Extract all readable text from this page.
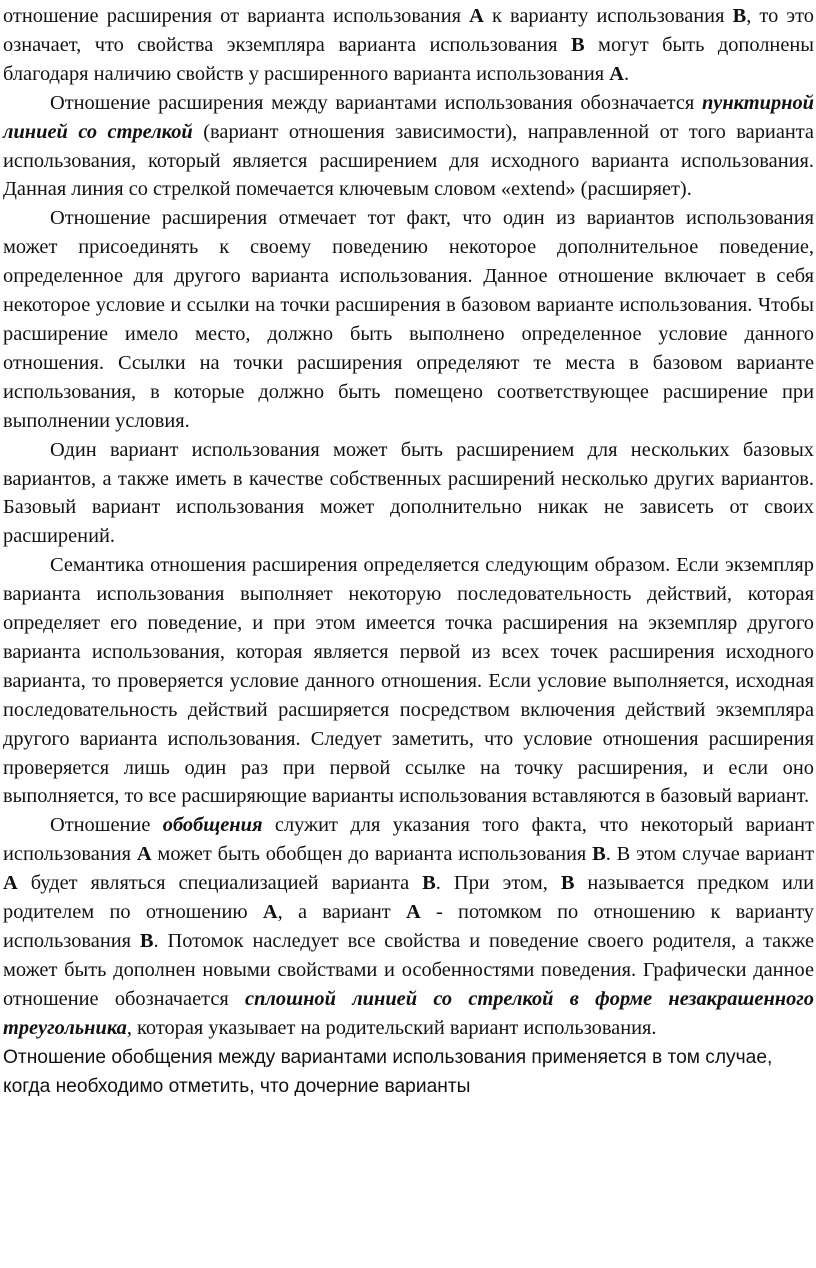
отношение расширения от варианта использования А к варианту использования В, то это означает, что свойства экземпляра варианта использования В могут быть дополнены благодаря наличию свойств у расширенного варианта использования А.

Отношение расширения между вариантами использования обозначается пунктирной линией со стрелкой (вариант отношения зависимости), направленной от того варианта использования, который является расширением для исходного варианта использования. Данная линия со стрелкой помечается ключевым словом «extend» (расширяет).

Отношение расширения отмечает тот факт, что один из вариантов использования может присоединять к своему поведению некоторое дополнительное поведение, определенное для другого варианта использования. Данное отношение включает в себя некоторое условие и ссылки на точки расширения в базовом варианте использования. Чтобы расширение имело место, должно быть выполнено определенное условие данного отношения. Ссылки на точки расширения определяют те места в базовом варианте использования, в которые должно быть помещено соответствующее расширение при выполнении условия.

Один вариант использования может быть расширением для нескольких базовых вариантов, а также иметь в качестве собственных расширений несколько других вариантов. Базовый вариант использования может дополнительно никак не зависеть от своих расширений.

Семантика отношения расширения определяется следующим образом. Если экземпляр варианта использования выполняет некоторую последовательность действий, которая определяет его поведение, и при этом имеется точка расширения на экземпляр другого варианта использования, которая является первой из всех точек расширения исходного варианта, то проверяется условие данного отношения. Если условие выполняется, исходная последовательность действий расширяется посредством включения действий экземпляра другого варианта использования. Следует заметить, что условие отношения расширения проверяется лишь один раз при первой ссылке на точку расширения, и если оно выполняется, то все расширяющие варианты использования вставляются в базовый вариант.

Отношение обобщения служит для указания того факта, что некоторый вариант использования А может быть обобщен до варианта использования В. В этом случае вариант А будет являться специализацией варианта В. При этом, В называется предком или родителем по отношению А, а вариант А - потомком по отношению к варианту использования В. Потомок наследует все свойства и поведение своего родителя, а также может быть дополнен новыми свойствами и особенностями поведения. Графически данное отношение обозначается сплошной линией со стрелкой в форме незакрашенного треугольника, которая указывает на родительский вариант использования.

Отношение обобщения между вариантами использования применяется в том случае, когда необходимо отметить, что дочерние варианты
